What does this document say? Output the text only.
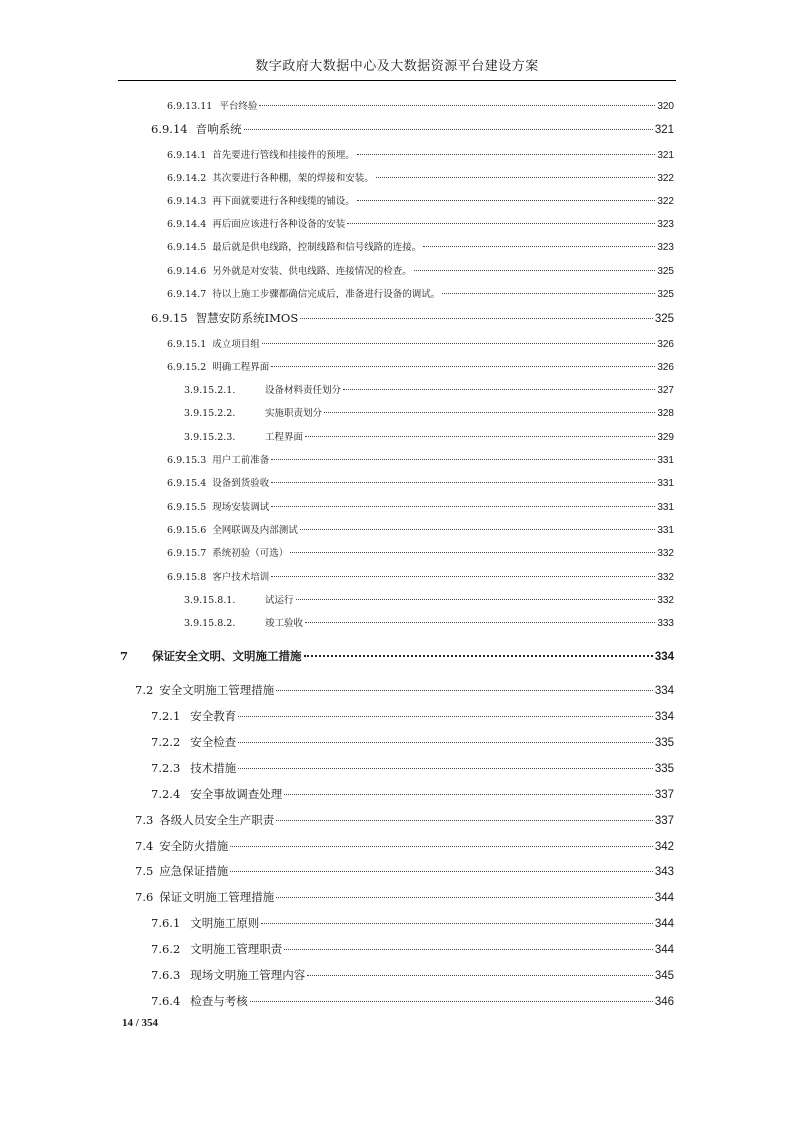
数字政府大数据中心及大数据资源平台建设方案
6.9.13.11 平台终验	320
6.9.14 音响系统	321
6.9.14.1 首先要进行管线和挂接件的预埋。	321
6.9.14.2 其次要进行各种棚，架的焊接和安装。	322
6.9.14.3 再下面就要进行各种线缆的铺设。	322
6.9.14.4 再后面应该进行各种设备的安装	323
6.9.14.5 最后就是供电线路，控制线路和信号线路的连接。	323
6.9.14.6 另外就是对安装、供电线路、连接情况的检查。	325
6.9.14.7 待以上施工步骤都确信完成后，准备进行设备的调试。	325
6.9.15 智慧安防系统IMOS	325
6.9.15.1 成立项目组	326
6.9.15.2 明确工程界面	326
3.9.15.2.1.	设备材料责任划分	327
3.9.15.2.2.	实施职责划分	328
3.9.15.2.3.	工程界面	329
6.9.15.3 用户工前准备	331
6.9.15.4 设备到货验收	331
6.9.15.5 现场安装调试	331
6.9.15.6 全网联调及内部测试	331
6.9.15.7 系统初验（可选）	332
6.9.15.8 客户技术培训	332
3.9.15.8.1.	试运行	332
3.9.15.8.2.	竣工验收	333
7	保证安全文明、文明施工措施	334
7.2 安全文明施工管理措施	334
7.2.1 安全教育	334
7.2.2 安全检查	335
7.2.3 技术措施	335
7.2.4 安全事故调查处理	337
7.3 各级人员安全生产职责	337
7.4 安全防火措施	342
7.5 应急保证措施	343
7.6 保证文明施工管理措施	344
7.6.1 文明施工原则	344
7.6.2 文明施工管理职责	344
7.6.3 现场文明施工管理内容	345
7.6.4 检查与考核	346
14 / 354
